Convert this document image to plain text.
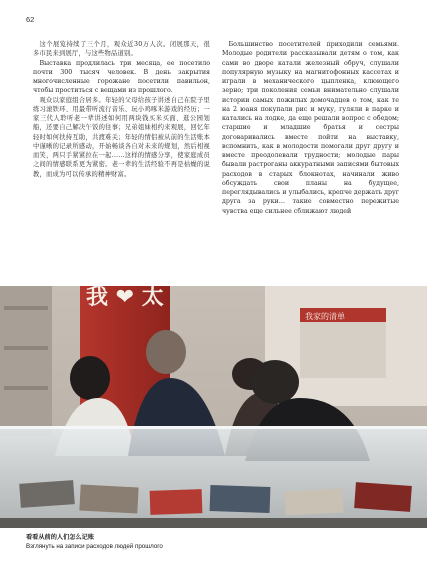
62

这个展览持续了三个月，观众近30万人次。闭展那天，很多市民来到展厅，与这些物品道别。

Выставка продлилась три месяца, ее посетило почти 300 тысяч человек. В день закрытия многочисленные горожане посетили павильон, чтобы проститься с вещами из прошлого.

观众以家庭组合居多。年轻的父母给孩子讲述自己在院子里练习滚铁环、用最带听流行音乐、玩小鸡啄米游戏的经历；一家三代人聆听老一辈讲述如何用两块钱买米买面、逛公园划船，还要自己解决午饭的往事；兄弟姐妹相约来观展，回忆年轻时如何扶持互助，共渡难关；年轻的情侣被从前的生活账本中谨晰的记录所感动，开始畅谈各自对未来的规划，然后相视而笑，两只手紧紧拉在一起……这样的情感分享，使家庭成员之间的情感联系更为紧密。老一辈的生活经验不再是枯燥的说教，而成为可以传承的精神财富。

Большинство посетителей приходили семьями. Молодые родители рассказывали детям о том, как сами во дворе катали железный обруч, слушали популярную музыку на магнитофонных кассетах и играли в механического цыпленка, клюющего зерно; три поколения семьи внимательно слушали истории самых пожилых домочадцев о том, как те на 2 юаня покупали рис и муку, гуляли в парке и катались на лодке, да еще решали вопрос с обедом; старшие и младшие братья и сестры договаривались вместе пойти на выставку, вспомнить, как в молодости помогали друг другу и вместе преодолевали трудности; молодые пары бывали растроганы аккуратными записями бытовых расходов в старых блокнотах, начинали живо обсуждать свои планы на будущее, переглядывались и улыбались, крепче держать друг друга за руки… такие совместно пережитые чувства еще сильнее сближают людей

我 ❤ 太
我家的清单
看看从前的人们怎么记账
Взглянуть на записи расходов людей прошлого
